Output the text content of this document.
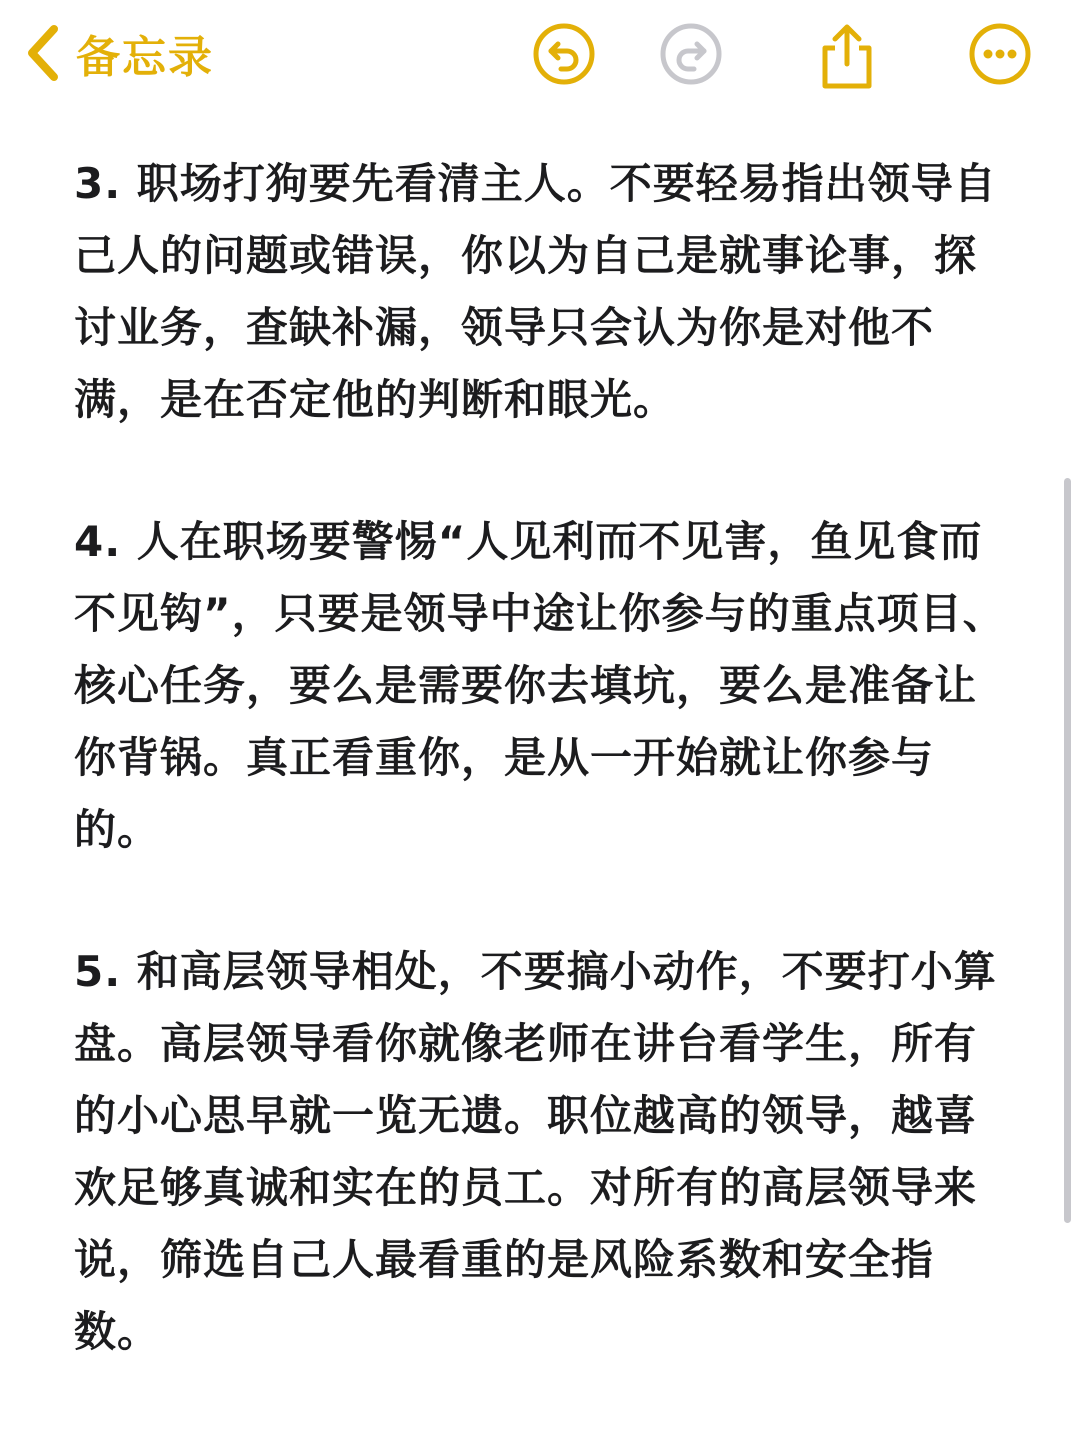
备忘录

3. 职场打狗要先看清主人。不要轻易指出领导自己人的问题或错误，你以为自己是就事论事，探讨业务，查缺补漏，领导只会认为你是对他不满，是在否定他的判断和眼光。

4. 人在职场要警惕“人见利而不见害，鱼见食而不见钩”，只要是领导中途让你参与的重点项目、核心任务，要么是需要你去填坑，要么是准备让你背锅。真正看重你，是从一开始就让你参与的。

5. 和高层领导相处，不要搞小动作，不要打小算盘。高层领导看你就像老师在讲台看学生，所有的小心思早就一览无遗。职位越高的领导，越喜欢足够真诚和实在的员工。对所有的高层领导来说，筛选自己人最看重的是风险系数和安全指数。
